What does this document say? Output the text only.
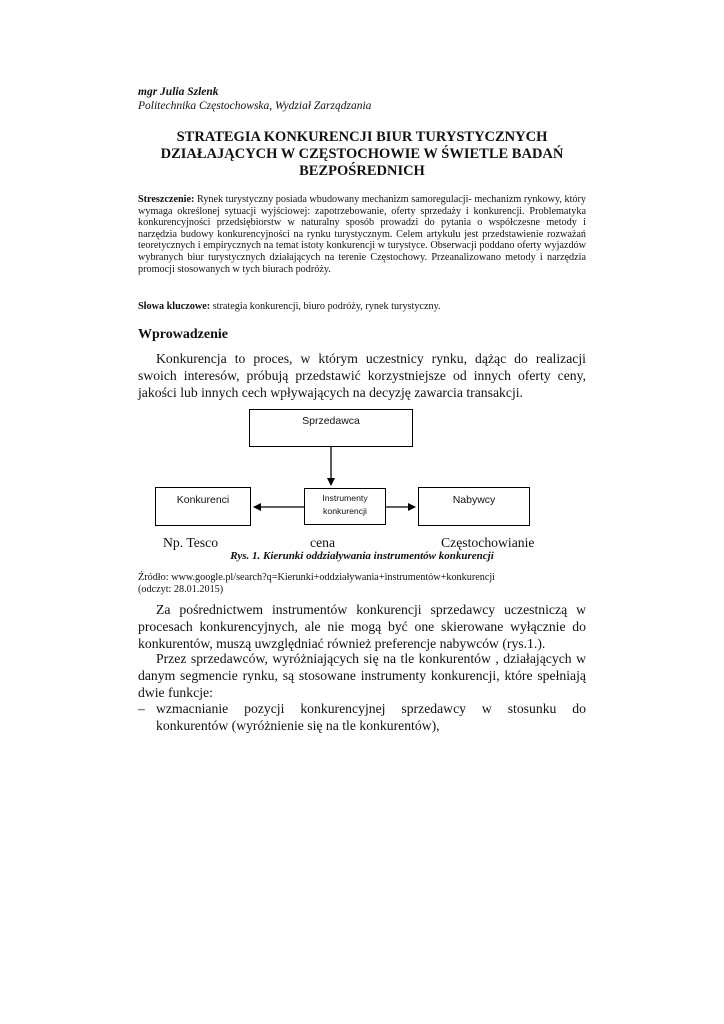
mgr Julia Szlenk
Politechnika Częstochowska, Wydział Zarządzania
STRATEGIA KONKURENCJI BIUR TURYSTYCZNYCH
DZIAŁAJĄCYCH W CZĘSTOCHOWIE W ŚWIETLE BADAŃ
BEZPOŚREDNICH
Streszczenie: Rynek turystyczny posiada wbudowany mechanizm samoregulacji- mechanizm rynkowy, który wymaga określonej sytuacji wyjściowej: zapotrzebowanie, oferty sprzedaży i konkurencji. Problematyka konkurencyjności przedsiębiorstw w naturalny sposób prowadzi do pytania o współczesne metody i narzędzia budowy konkurencyjności na rynku turystycznym. Celem artykułu jest przedstawienie rozważań teoretycznych i empirycznych na temat istoty konkurencji w turystyce. Obserwacji poddano oferty wyjazdów wybranych biur turystycznych działających na terenie Częstochowy. Przeanalizowano metody i narzędzia promocji stosowanych w tych biurach podróży.
Słowa kluczowe: strategia konkurencji, biuro podróży, rynek turystyczny.
Wprowadzenie
Konkurencja to proces, w którym uczestnicy rynku, dążąc do realizacji swoich interesów, próbują przedstawić korzystniejsze od innych oferty ceny, jakości lub innych cech wpływających na decyzję zawarcia transakcji.
Sprzedawca
Konkurenci	Instrumenty
konkurencji
Nabywcy
Np. Tesco	cena	Częstochowianie
Rys. 1. Kierunki oddziaływania instrumentów konkurencji
Źródło: www.google.pl/search?q=Kierunki+oddziaływania+instrumentów+konkurencji
(odczyt: 28.01.2015)
Za pośrednictwem instrumentów konkurencji sprzedawcy uczestniczą w procesach konkurencyjnych, ale nie mogą być one skierowane wyłącznie do konkurentów, muszą uwzględniać również preferencje nabywców (rys.1.).
Przez sprzedawców, wyróżniających się na tle konkurentów , działających w danym segmencie rynku, są stosowane instrumenty konkurencji, które spełniają dwie funkcje:
– wzmacnianie pozycji konkurencyjnej sprzedawcy w stosunku do konkurentów (wyróżnienie się na tle konkurentów),
